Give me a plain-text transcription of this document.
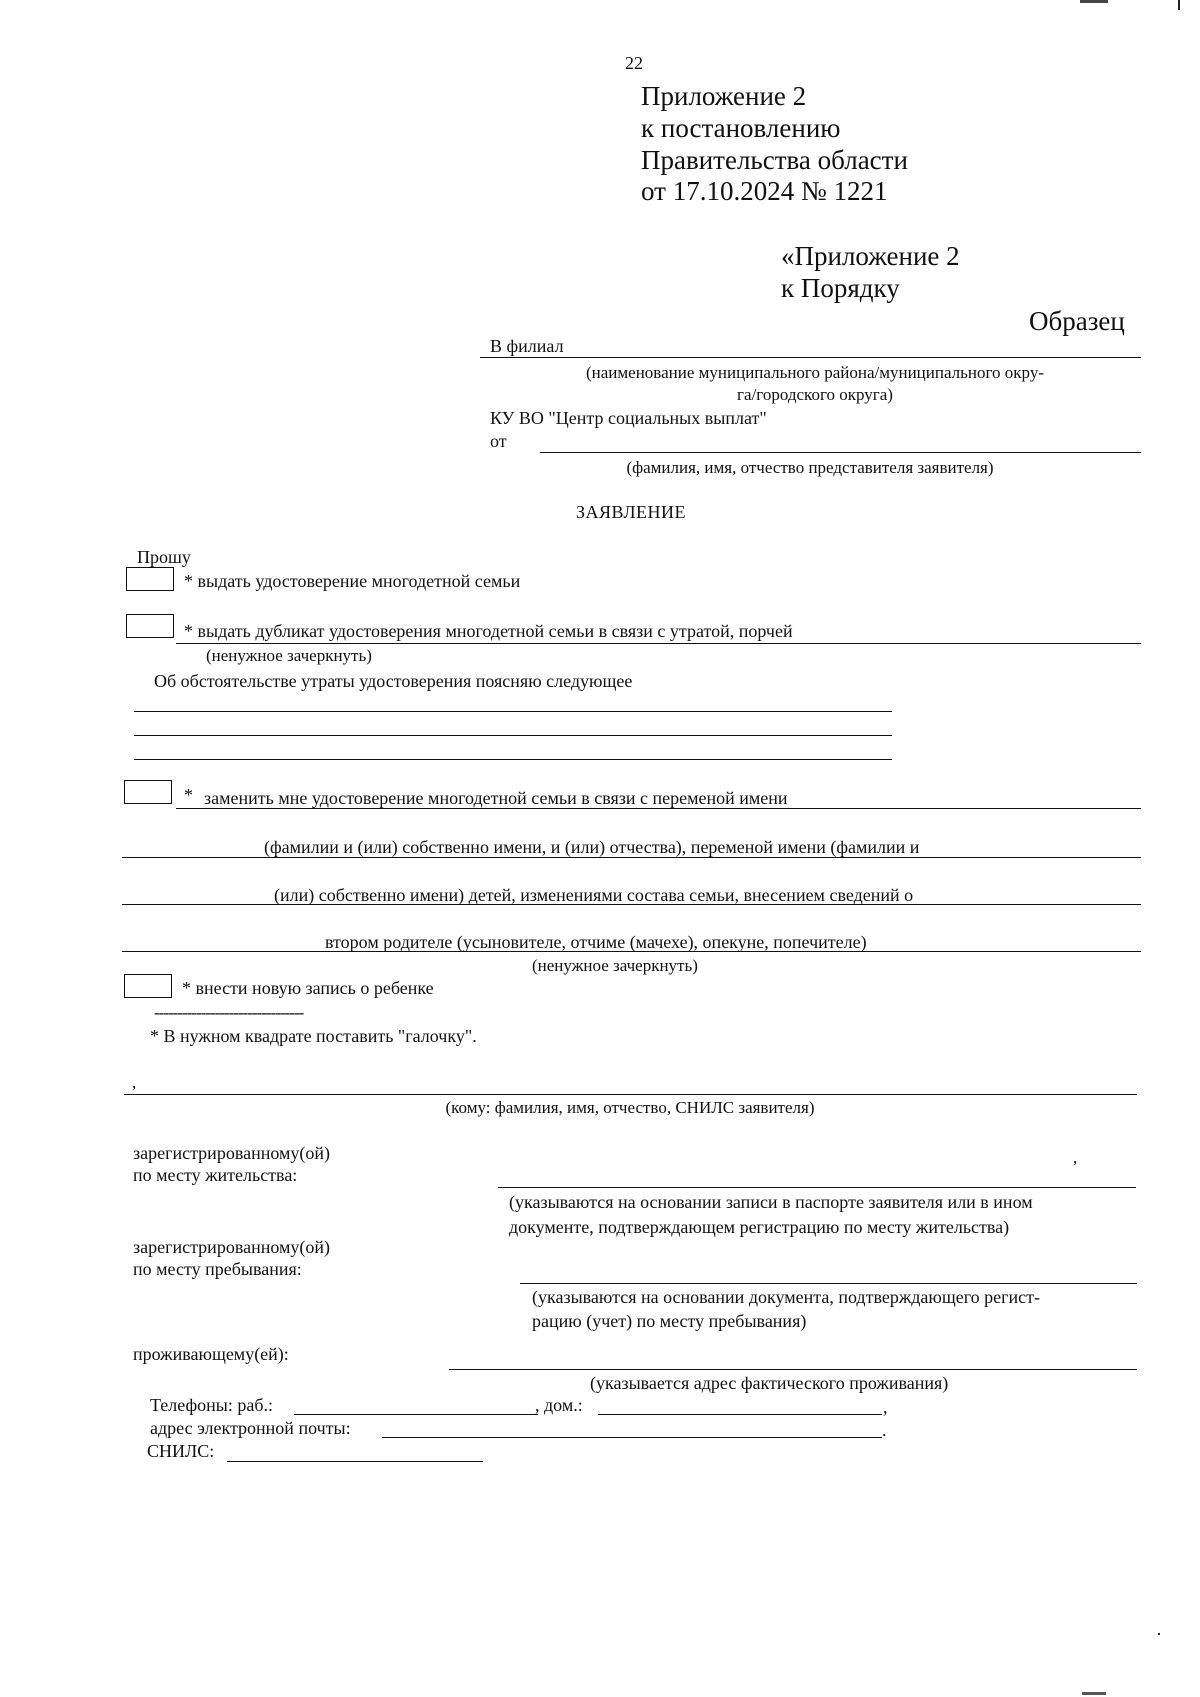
22
Приложение 2
к постановлению
Правительства области
от 17.10.2024 № 1221
«Приложение 2
к Порядку
Образец
В филиал
(наименование муниципального района/муниципального окру-
га/городского округа)
КУ ВО "Центр социальных выплат"
от
(фамилия, имя, отчество представителя заявителя)
ЗАЯВЛЕНИЕ
Прошу
* выдать удостоверение многодетной семьи
* выдать дубликат удостоверения многодетной семьи в связи с утратой, порчей
(ненужное зачеркнуть)
Об обстоятельстве утраты удостоверения поясняю следующее
* заменить мне удостоверение многодетной семьи в связи с переменой имени
(фамилии и (или) собственно имени, и (или) отчества), переменой имени (фамилии и
(или) собственно имени) детей, изменениями состава семьи, внесением сведений о
втором родителе (усыновителе, отчиме (мачехе), опекуне, попечителе)
(ненужное зачеркнуть)
* внести новую запись о ребенке
--------------------------------
* В нужном квадрате поставить "галочку".
,
(кому: фамилия, имя, отчество, СНИЛС заявителя)
зарегистрированному(ой)
по месту жительства:
,
(указываются на основании записи в паспорте заявителя или в ином
документе, подтверждающем регистрацию по месту жительства)
зарегистрированному(ой)
по месту пребывания:
(указываются на основании документа, подтверждающего регист-
рацию (учет) по месту пребывания)
проживающему(ей):
(указывается адрес фактического проживания)
Телефоны: раб.:	, дом.:	,
адрес электронной почты:	.
СНИЛС:
